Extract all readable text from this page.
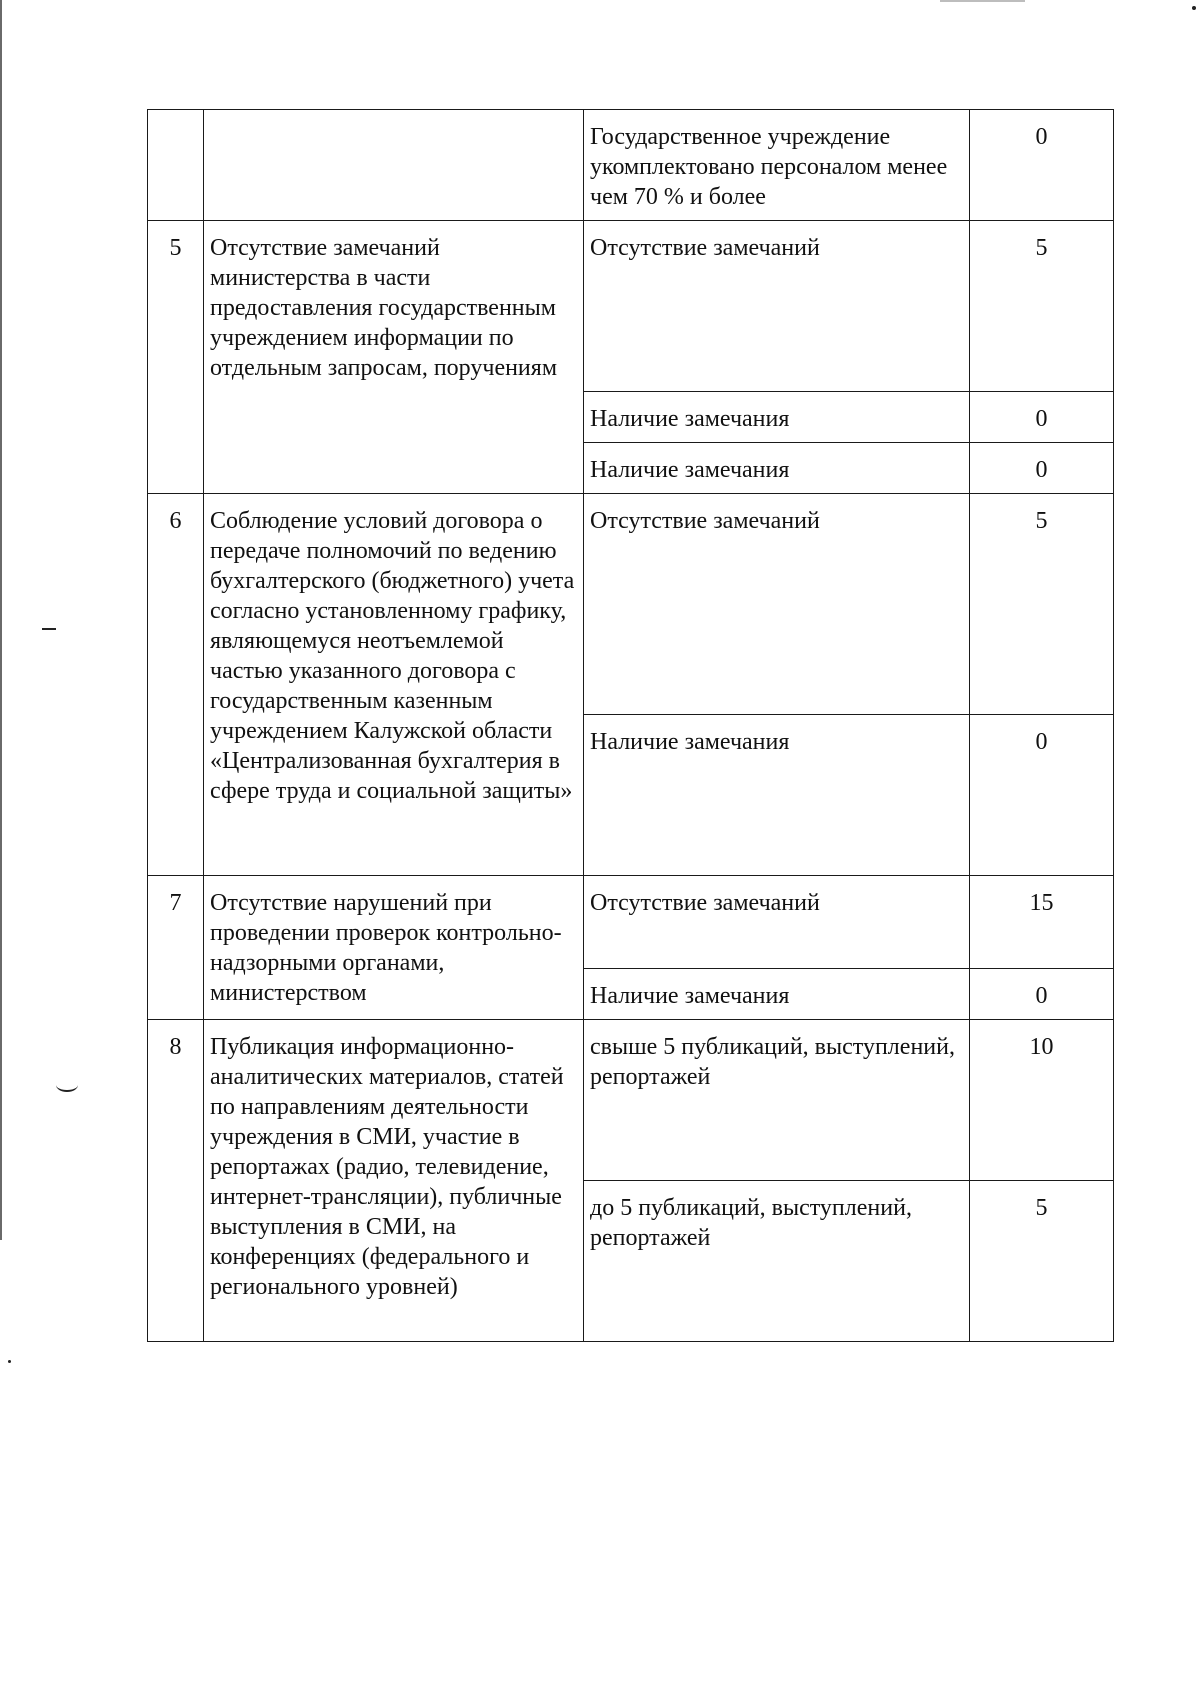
		Государственное учреждение укомплектовано персоналом менее чем 70 % и более	0
5	Отсутствие замечаний министерства в части предоставления государственным учреждением информации по отдельным запросам, поручениям	Отсутствие замечаний	5
		Наличие замечания	0
		Наличие замечания	0
6	Соблюдение условий договора о передаче полномочий по ведению бухгалтерского (бюджетного) учета согласно установленному графику, являющемуся неотъемлемой частью указанного договора с государственным казенным учреждением Калужской области «Централизованная бухгалтерия в сфере труда и социальной защиты»	Отсутствие замечаний	5
		Наличие замечания	0
7	Отсутствие нарушений при проведении проверок контрольно-надзорными органами, министерством	Отсутствие замечаний	15
		Наличие замечания	0
8	Публикация информационно-аналитических материалов, статей по направлениям деятельности учреждения в СМИ, участие в репортажах (радио, телевидение, интернет-трансляции), публичные выступления в СМИ, на конференциях (федерального и регионального уровней)	свыше 5 публикаций, выступлений, репортажей	10
		до 5 публикаций, выступлений, репортажей	5
